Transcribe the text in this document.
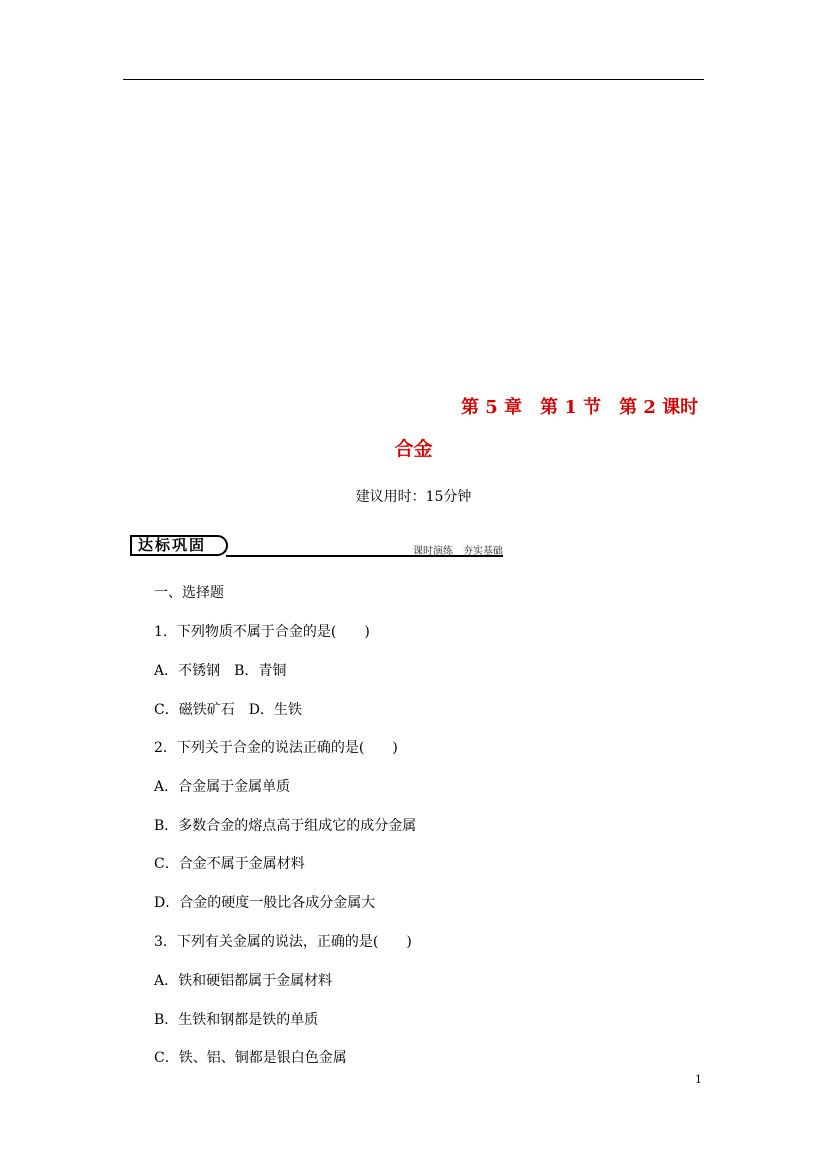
第 5 章　第 1 节　第 2 课时
合金
建议用时：15分钟
达标巩固	课时演练　夯实基础
一、选择题
1．下列物质不属于合金的是(　　)
A．不锈钢　B．青铜
C．磁铁矿石　D．生铁
2．下列关于合金的说法正确的是(　　)
A．合金属于金属单质
B．多数合金的熔点高于组成它的成分金属
C．合金不属于金属材料
D．合金的硬度一般比各成分金属大
3．下列有关金属的说法，正确的是(　　)
A．铁和硬铝都属于金属材料
B．生铁和钢都是铁的单质
C．铁、铝、铜都是银白色金属
1
